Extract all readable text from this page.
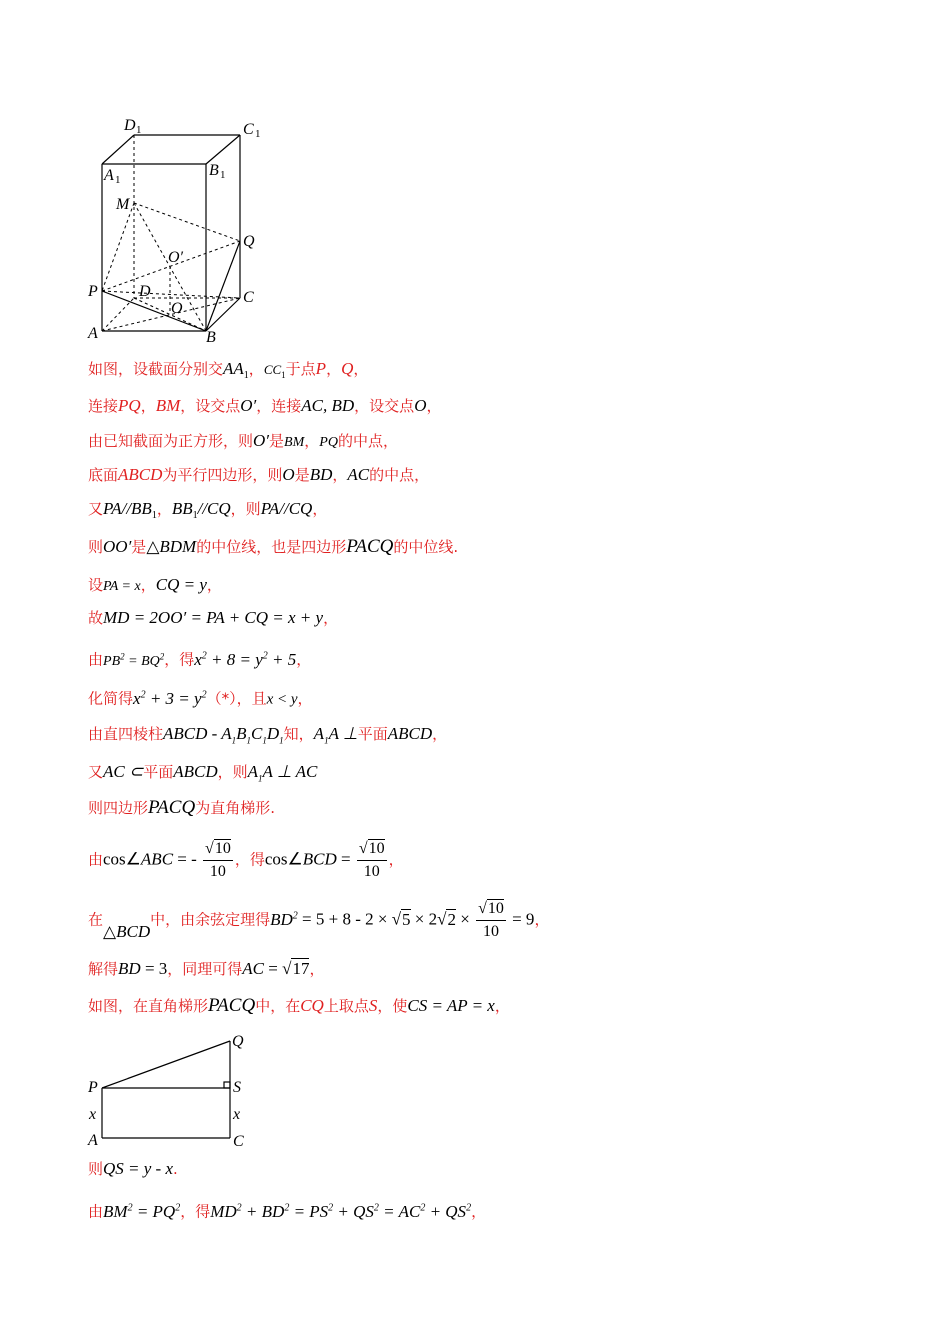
D 1	C 1
A 1
B 1
M
Q
O′
P	D	C
O
A	B
如图，设截面分别交$AA_1$，$CC_1$于点P，Q，
连接PQ，BM，设交点O′，连接AC, BD，设交点O，
由已知截面为正方形，则O′是BM，PQ的中点，
底面ABCD为平行四边形，则O是BD，AC的中点，
又$PA//BB_1$，$BB_1//CQ$，则PA//CQ，
则OO′是△BDM的中位线，也是四边形PACQ的中位线.
设PA = x，CQ = y，
故MD = 2OO′ = PA + CQ = x + y，
由$PB^2 = BQ^2$，得$x^2 + 8 = y^2 + 5$，
化简得$x^2 + 3 = y^2(*)$，且x < y，
由直四棱柱ABCD - $A_1B_1C_1D_1$知，$A_1A$ ⊥平面ABCD，
又AC ⊂平面ABCD，则$A_1A$ ⊥ AC
则四边形PACQ为直角梯形.
由cos∠ABC = - $\frac{√10}{10}$ ，得cos∠BCD = $\frac{√10}{10}$ ，
在△BCD中，由余弦定理得$BD^2 = 5 + 8 - 2 \times √5 \times 2√2 \times \frac{√10}{10} = 9$，
解得BD = 3，同理可得AC = √17，
如图，在直角梯形PACQ中，在CQ上取点S，使CS = AP = x，
Q
P	S
x	x
A	C
则QS = y - x.
由$BM^2 = PQ^2$，得$MD^2 + BD^2 = PS^2 + QS^2 = AC^2 + QS^2$，
